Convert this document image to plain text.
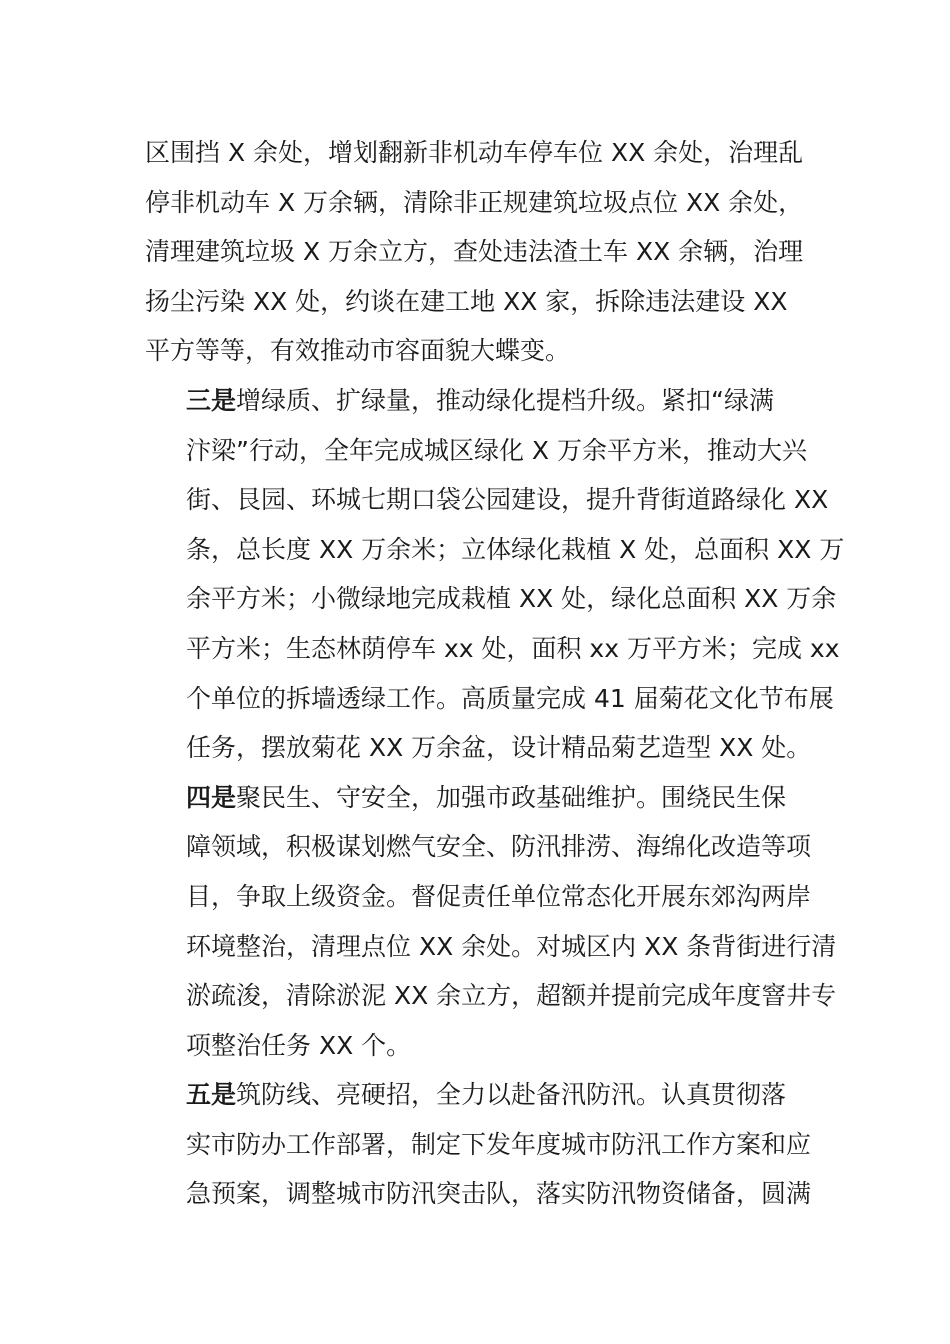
区围挡 X 余处，增划翻新非机动车停车位 XX 余处，治理乱
停非机动车 X 万余辆，清除非正规建筑垃圾点位 XX 余处，
清理建筑垃圾 X 万余立方，查处违法渣土车 XX 余辆，治理
扬尘污染 XX 处，约谈在建工地 XX 家，拆除违法建设 XX
平方等等，有效推动市容面貌大蝶变。

三是增绿质、扩绿量，推动绿化提档升级。紧扣“绿满
汴梁”行动，全年完成城区绿化 X 万余平方米，推动大兴
街、艮园、环城七期口袋公园建设，提升背街道路绿化 XX
条，总长度 XX 万余米；立体绿化栽植 X 处，总面积 XX 万
余平方米；小微绿地完成栽植 XX 处，绿化总面积 XX 万余
平方米；生态林荫停车 xx 处，面积 xx 万平方米；完成 xx
个单位的拆墙透绿工作。高质量完成 41 届菊花文化节布展
任务，摆放菊花 XX 万余盆，设计精品菊艺造型 XX 处。

四是聚民生、守安全，加强市政基础维护。围绕民生保
障领域，积极谋划燃气安全、防汛排涝、海绵化改造等项
目，争取上级资金。督促责任单位常态化开展东郊沟两岸
环境整治，清理点位 XX 余处。对城区内 XX 条背街进行清
淤疏浚，清除淤泥 XX 余立方，超额并提前完成年度窨井专
项整治任务 XX 个。

五是筑防线、亮硬招，全力以赴备汛防汛。认真贯彻落
实市防办工作部署，制定下发年度城市防汛工作方案和应
急预案，调整城市防汛突击队，落实防汛物资储备，圆满
